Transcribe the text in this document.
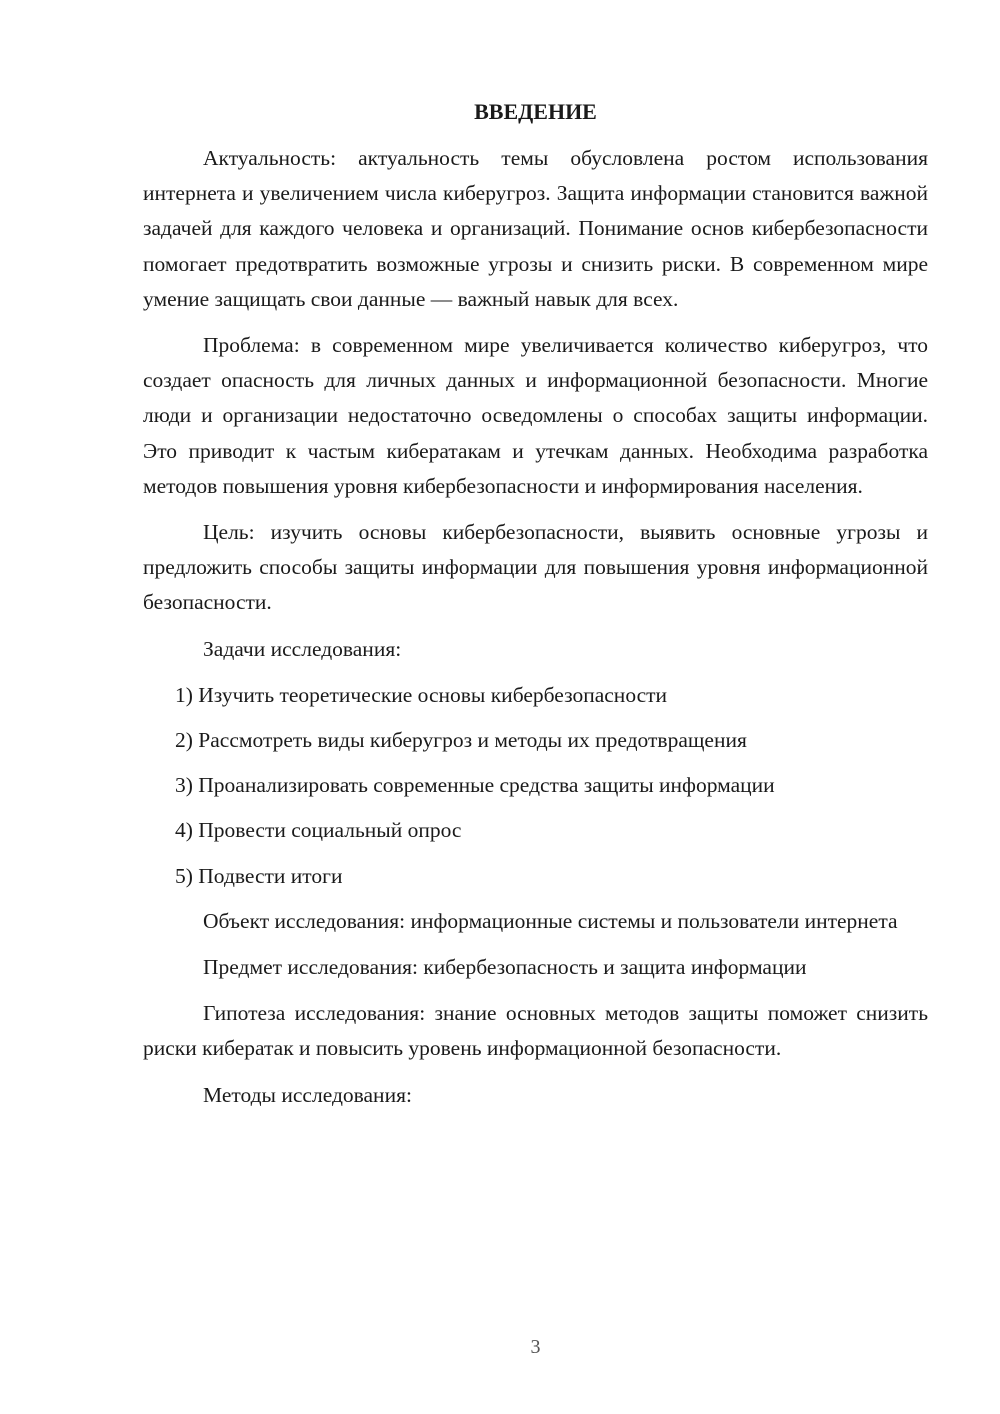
ВВЕДЕНИЕ

Актуальность: актуальность темы обусловлена ростом использования интернета и увеличением числа киберугроз. Защита информации становится важной задачей для каждого человека и организаций. Понимание основ кибербезопасности помогает предотвратить возможные угрозы и снизить риски. В современном мире умение защищать свои данные — важный навык для всех.

Проблема: в современном мире увеличивается количество киберугроз, что создает опасность для личных данных и информационной безопасности. Многие люди и организации недостаточно осведомлены о способах защиты информации. Это приводит к частым кибератакам и утечкам данных. Необходима разработка методов повышения уровня кибербезопасности и информирования населения.

Цель: изучить основы кибербезопасности, выявить основные угрозы и предложить способы защиты информации для повышения уровня информационной безопасности.

Задачи исследования:

1) Изучить теоретические основы кибербезопасности

2) Рассмотреть виды киберугроз и методы их предотвращения

3) Проанализировать современные средства защиты информации

4) Провести социальный опрос

5) Подвести итоги

Объект исследования: информационные системы и пользователи интернета

Предмет исследования: кибербезопасность и защита информации

Гипотеза исследования: знание основных методов защиты поможет снизить риски кибератак и повысить уровень информационной безопасности.

Методы исследования:

3
